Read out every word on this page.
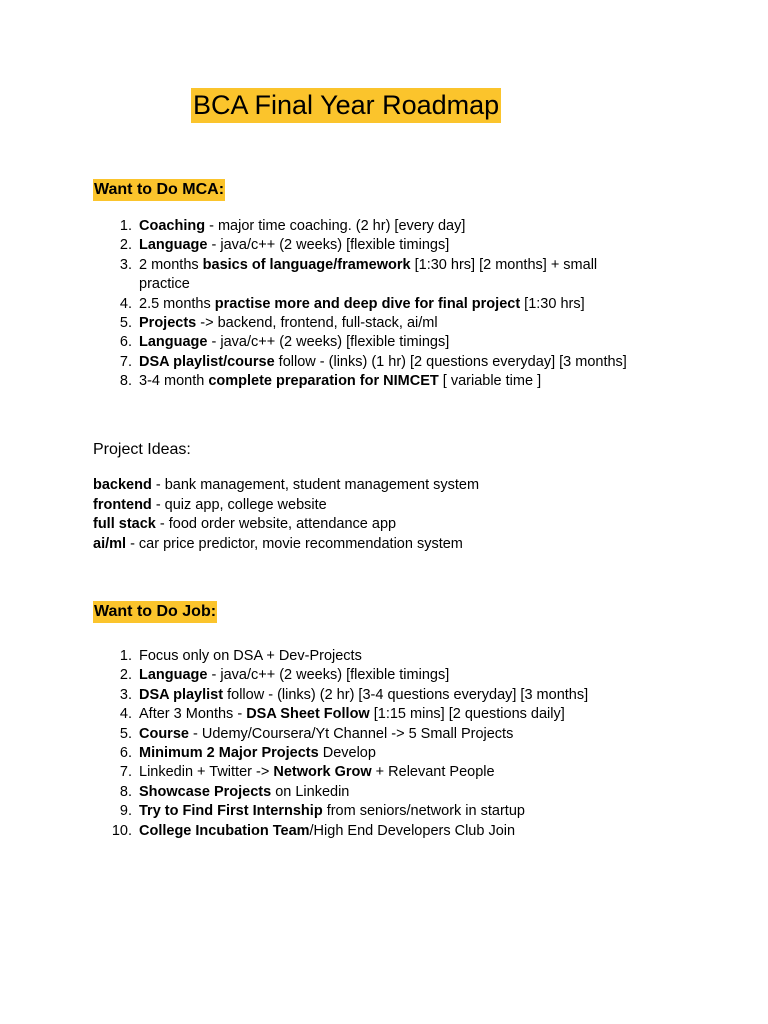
BCA Final Year Roadmap
Want to Do MCA:
1. Coaching - major time coaching. (2 hr) [every day]
2. Language - java/c++ (2 weeks) [flexible timings]
3. 2 months basics of language/framework [1:30 hrs] [2 months] + small practice
4. 2.5 months practise more and deep dive for final project [1:30 hrs]
5. Projects -> backend, frontend, full-stack, ai/ml
6. Language - java/c++ (2 weeks) [flexible timings]
7. DSA playlist/course follow - (links) (1 hr) [2 questions everyday] [3 months]
8. 3-4 month complete preparation for NIMCET [ variable time ]
Project Ideas:
backend - bank management, student management system
frontend - quiz app, college website
full stack - food order website, attendance app
ai/ml - car price predictor, movie recommendation system
Want to Do Job:
1. Focus only on DSA + Dev-Projects
2. Language - java/c++ (2 weeks) [flexible timings]
3. DSA playlist follow - (links) (2 hr) [3-4 questions everyday] [3 months]
4. After 3 Months - DSA Sheet Follow [1:15 mins] [2 questions daily]
5. Course - Udemy/Coursera/Yt Channel -> 5 Small Projects
6. Minimum 2 Major Projects Develop
7. Linkedin + Twitter -> Network Grow + Relevant People
8. Showcase Projects on Linkedin
9. Try to Find First Internship from seniors/network in startup
10. College Incubation Team/High End Developers Club Join
